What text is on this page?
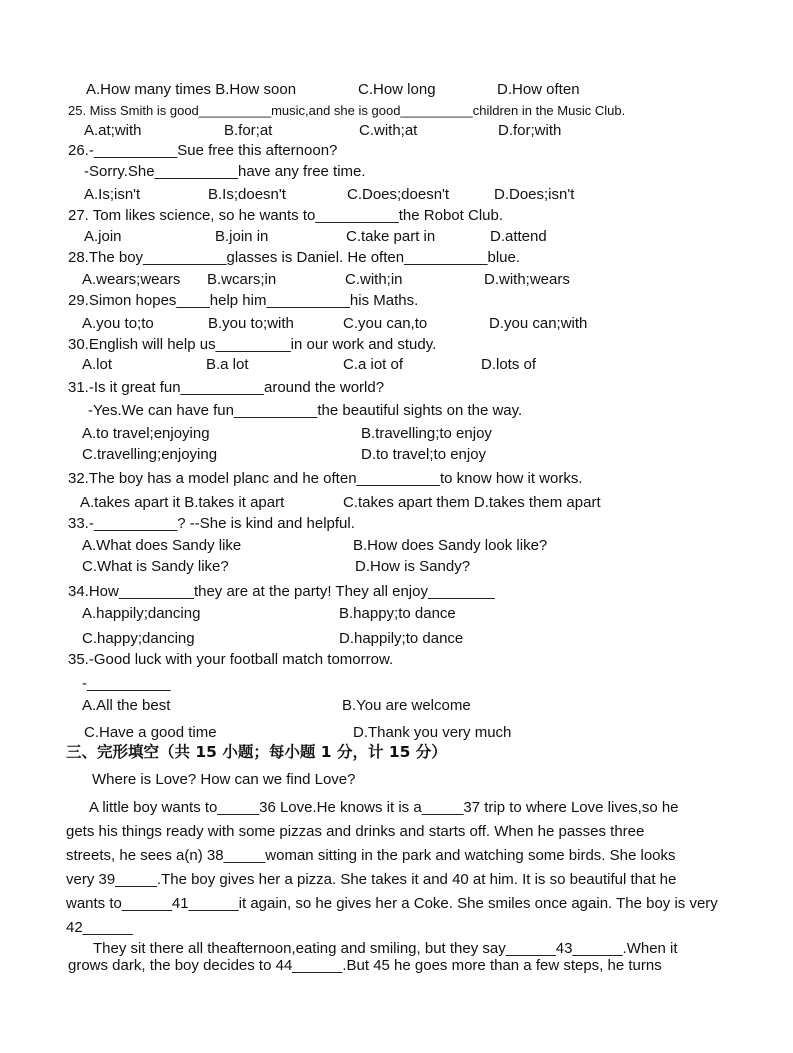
A.How many times B.How soon	C.How long	D.How often
25. Miss Smith is good__________music,and she is good__________children in the Music Club.
A.at;with	B.for;at	C.with;at	D.for;with
26.-__________Sue free this afternoon?
-Sorry.She__________have any free time.
A.Is;isn't	B.Is;doesn't	C.Does;doesn't	D.Does;isn't
27. Tom likes science, so he wants to__________the Robot Club.
A.join	B.join in	C.take part in	D.attend
28.The boy__________glasses is Daniel. He often__________blue.
A.wears;wears B.wcars;in	C.with;in	D.with;wears
29.Simon hopes____help him__________his Maths.
A.you to;to	B.you to;with	C.you can,to	D.you can;with
30.English will help us_________in our work and study.
A.lot	B.a lot	C.a iot of	D.lots of
31.-Is it great fun__________around the world?
-Yes.We can have fun__________the beautiful sights on the way.
A.to travel;enjoying	B.travelling;to enjoy
C.travelling;enjoying	D.to travel;to enjoy
32.The boy has a model planc and he often__________to know how it works.
A.takes apart it B.takes it apart	C.takes apart them D.takes them apart
33.-__________? --She is kind and helpful.
A.What does Sandy like	B.How does Sandy look like?
C.What is Sandy like?	D.How is Sandy?
34.How_________they are at the party! They all enjoy________
A.happily;dancing	B.happy;to dance
C.happy;dancing	D.happily;to dance
35.-Good luck with your football match tomorrow.
-__________
A.All the best	B.You are welcome
C.Have a good time	D.Thank you very much
三、完形填空（共 15 小题；每小题 1 分，计 15 分）
Where is Love? How can we find Love?
A little boy wants to_____36 Love.He knows it is a_____37 trip to where Love lives,so he
gets his things ready with some pizzas and drinks and starts off. When he passes three
streets, he sees a(n) 38_____woman sitting in the park and watching some birds. She looks
very 39_____.The boy gives her a pizza. She takes it and 40 at him. It is so beautiful that he
wants to______41______it again, so he gives her a Coke. She smiles once again. The boy is very
42______
They sit there all theafternoon,eating and smiling, but they say______43______.When it
grows dark, the boy decides to 44______.But 45 he goes more than a few steps, he turns
